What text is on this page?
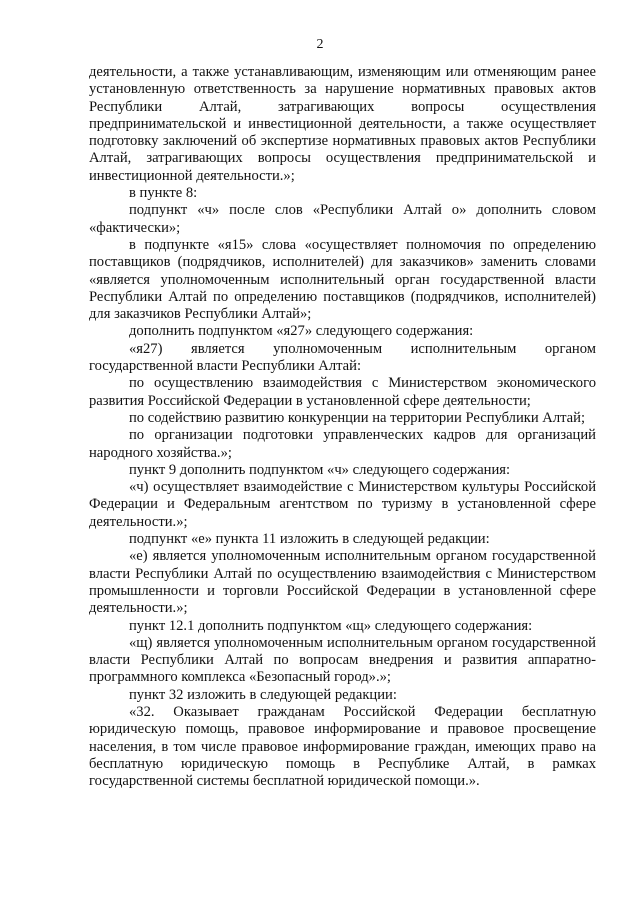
2

деятельности, а также устанавливающим, изменяющим или отменяющим ранее установленную ответственность за нарушение нормативных правовых актов Республики Алтай, затрагивающих вопросы осуществления предпринимательской и инвестиционной деятельности, а также осуществляет подготовку заключений об экспертизе нормативных правовых актов Республики Алтай, затрагивающих вопросы осуществления предпринимательской и инвестиционной деятельности.»;

в пункте 8:

подпункт «ч» после слов «Республики Алтай о» дополнить словом «фактически»;

в подпункте «я15» слова «осуществляет полномочия по определению поставщиков (подрядчиков, исполнителей) для заказчиков» заменить словами «является уполномоченным исполнительный орган государственной власти Республики Алтай по определению поставщиков (подрядчиков, исполнителей) для заказчиков Республики Алтай»;

дополнить подпунктом «я27» следующего содержания:

«я27) является уполномоченным исполнительным органом государственной власти Республики Алтай:

по осуществлению взаимодействия с Министерством экономического развития Российской Федерации в установленной сфере деятельности;

по содействию развитию конкуренции на территории Республики Алтай;

по организации подготовки управленческих кадров для организаций народного хозяйства.»;

пункт 9 дополнить подпунктом «ч» следующего содержания:

«ч) осуществляет взаимодействие с Министерством культуры Российской Федерации и Федеральным агентством по туризму в установленной сфере деятельности.»;

подпункт «е» пункта 11 изложить в следующей редакции:

«е) является уполномоченным исполнительным органом государственной власти Республики Алтай по осуществлению взаимодействия с Министерством промышленности и торговли Российской Федерации в установленной сфере деятельности.»;

пункт 12.1 дополнить подпунктом «щ» следующего содержания:

«щ) является уполномоченным исполнительным органом государственной власти Республики Алтай по вопросам внедрения и развития аппаратно-программного комплекса «Безопасный город».»;

пункт 32 изложить в следующей редакции:

«32. Оказывает гражданам Российской Федерации бесплатную юридическую помощь, правовое информирование и правовое просвещение населения, в том числе правовое информирование граждан, имеющих право на бесплатную юридическую помощь в Республике Алтай, в рамках государственной системы бесплатной юридической помощи.».
